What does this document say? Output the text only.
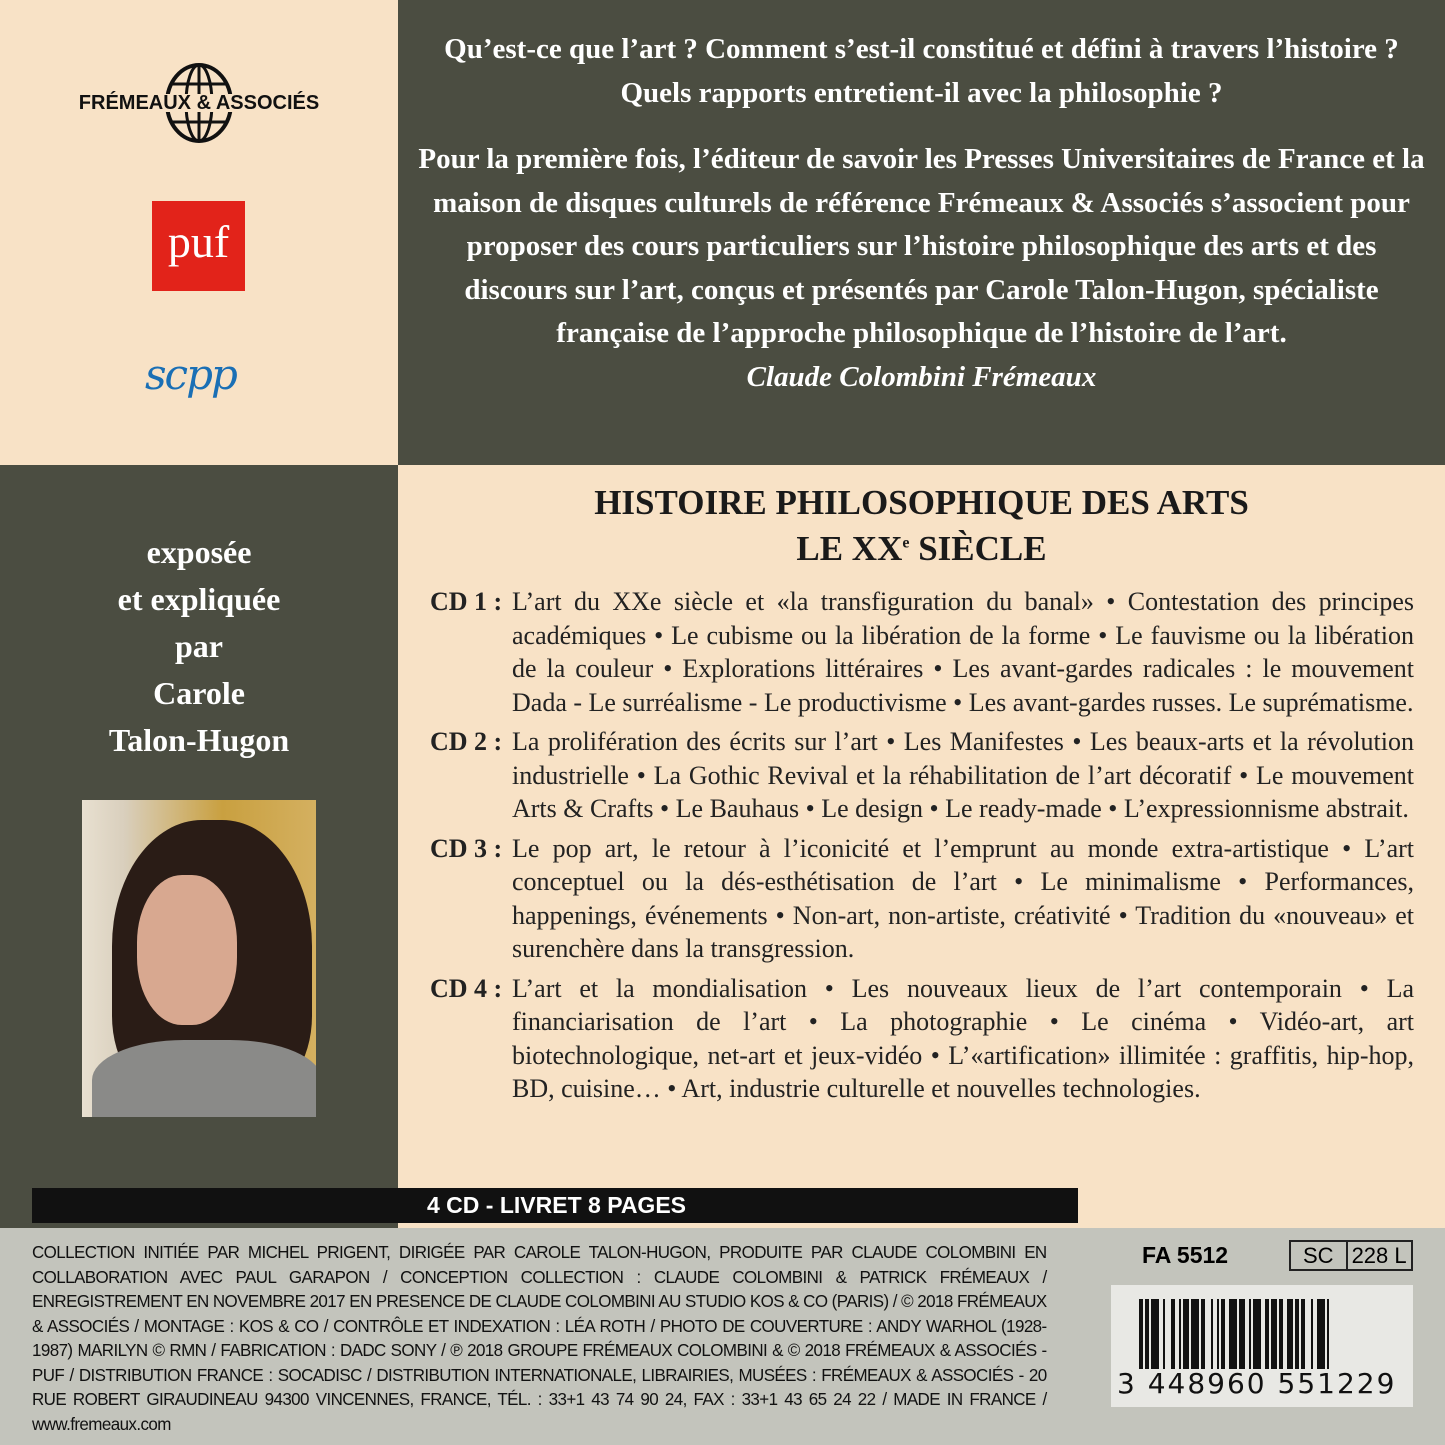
FRÉMEAUX & ASSOCIÉS
puf
scpp

Qu’est-ce que l’art ? Comment s’est-il constitué et défini à travers l’histoire ? Quels rapports entretient-il avec la philosophie ?

Pour la première fois, l’éditeur de savoir les Presses Universitaires de France et la maison de disques culturels de référence Frémeaux & Associés s’associent pour proposer des cours particuliers sur l’histoire philosophique des arts et des discours sur l’art, conçus et présentés par Carole Talon-Hugon, spécialiste française de l’approche philosophique de l’histoire de l’art.

Claude Colombini Frémeaux

exposée
et expliquée
par
Carole
Talon-Hugon
HISTOIRE PHILOSOPHIQUE DES ARTS
LE XXe SIÈCLE
CD 1 : L’art du XXe siècle et «la transfiguration du banal» • Contestation des principes académiques • Le cubisme ou la libération de la forme • Le fauvisme ou la libération de la couleur • Explorations littéraires • Les avant-gardes radicales : le mouvement Dada - Le surréalisme - Le productivisme • Les avant-gardes russes. Le suprématisme.
CD 2 : La prolifération des écrits sur l’art • Les Manifestes • Les beaux-arts et la révolution industrielle • La Gothic Revival et la réhabilitation de l’art décoratif • Le mouvement Arts & Crafts • Le Bauhaus • Le design • Le ready-made • L’expressionnisme abstrait.
CD 3 : Le pop art, le retour à l’iconicité et l’emprunt au monde extra-artistique • L’art conceptuel ou la dés-esthétisation de l’art • Le minimalisme • Performances, happenings, événements • Non-art, non-artiste, créativité • Tradition du «nouveau» et surenchère dans la transgression.
CD 4 : L’art et la mondialisation • Les nouveaux lieux de l’art contemporain • La financiarisation de l’art • La photographie • Le cinéma • Vidéo-art, art biotechnologique, net-art et jeux-vidéo • L’«artification» illimitée : graffitis, hip-hop, BD, cuisine… • Art, industrie culturelle et nouvelles technologies.
4 CD - LIVRET 8 PAGES
COLLECTION INITIÉE PAR MICHEL PRIGENT, DIRIGÉE PAR CAROLE TALON-HUGON, PRODUITE PAR CLAUDE COLOMBINI EN COLLABORATION AVEC PAUL GARAPON / CONCEPTION COLLECTION : CLAUDE COLOMBINI & PATRICK FRÉMEAUX / ENREGISTREMENT EN NOVEMBRE 2017 EN PRESENCE DE CLAUDE COLOMBINI AU STUDIO KOS & CO (PARIS) / © 2018 FRÉMEAUX & ASSOCIÉS / MONTAGE : KOS & CO / CONTRÔLE ET INDEXATION : LÉA ROTH / PHOTO DE COUVERTURE : ANDY WARHOL (1928-1987) MARILYN © RMN / FABRICATION : DADC SONY / ℗ 2018 GROUPE FRÉMEAUX COLOMBINI & © 2018 FRÉMEAUX & ASSOCIÉS - PUF / DISTRIBUTION FRANCE : SOCADISC / DISTRIBUTION INTERNATIONALE, LIBRAIRIES, MUSÉES : FRÉMEAUX & ASSOCIÉS - 20 RUE ROBERT GIRAUDINEAU 94300 VINCENNES, FRANCE, TÉL. : 33+1 43 74 90 24, FAX : 33+1 43 65 24 22 / MADE IN FRANCE / www.fremeaux.com
FA 5512	SC 228 L
3 448960 551229
